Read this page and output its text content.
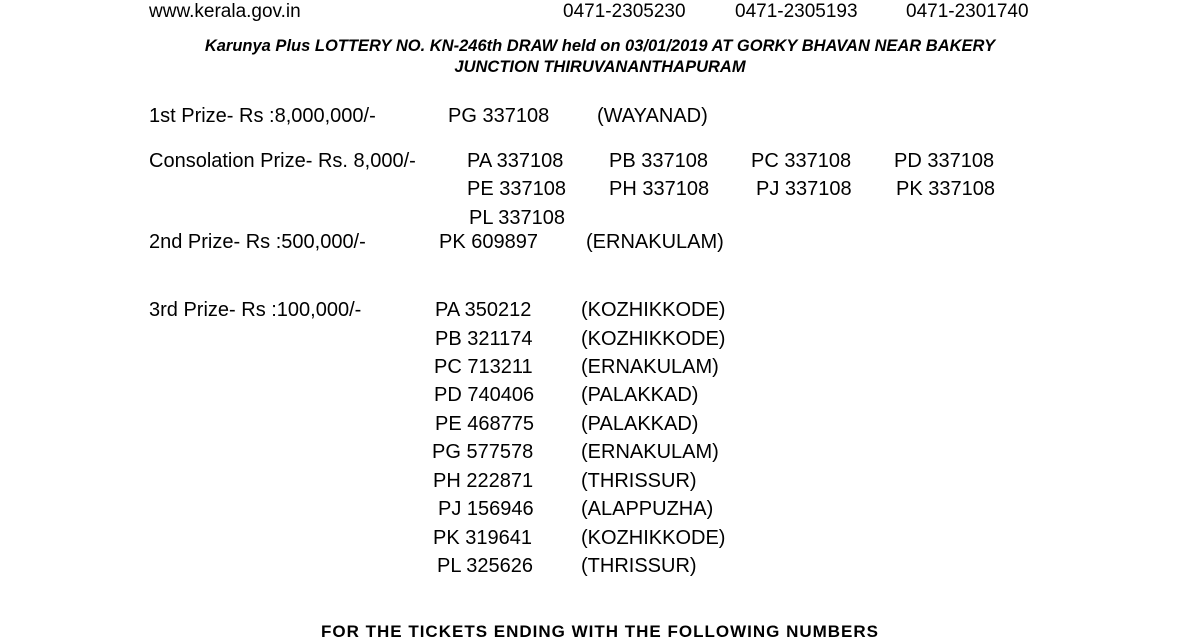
www.kerala.gov.in	0471-2305230	0471-2305193	0471-2301740
Karunya Plus LOTTERY NO. KN-246th DRAW held on 03/01/2019 AT GORKY BHAVAN NEAR BAKERY
JUNCTION THIRUVANANTHAPURAM
1st Prize- Rs :8,000,000/-	PG 337108 (WAYANAD)
Consolation Prize- Rs. 8,000/-	PA 337108 PB 337108 PC 337108 PD 337108
PE 337108 PH 337108 PJ 337108 PK 337108
PL 337108
2nd Prize- Rs :500,000/-	PK 609897 (ERNAKULAM)
3rd Prize- Rs :100,000/-	PA 350212 (KOZHIKKODE)
PB 321174 (KOZHIKKODE)
PC 713211 (ERNAKULAM)
PD 740406 (PALAKKAD)
PE 468775 (PALAKKAD)
PG 577578 (ERNAKULAM)
PH 222871 (THRISSUR)
PJ 156946 (ALAPPUZHA)
PK 319641 (KOZHIKKODE)
PL 325626 (THRISSUR)
FOR THE TICKETS ENDING WITH THE FOLLOWING NUMBERS
